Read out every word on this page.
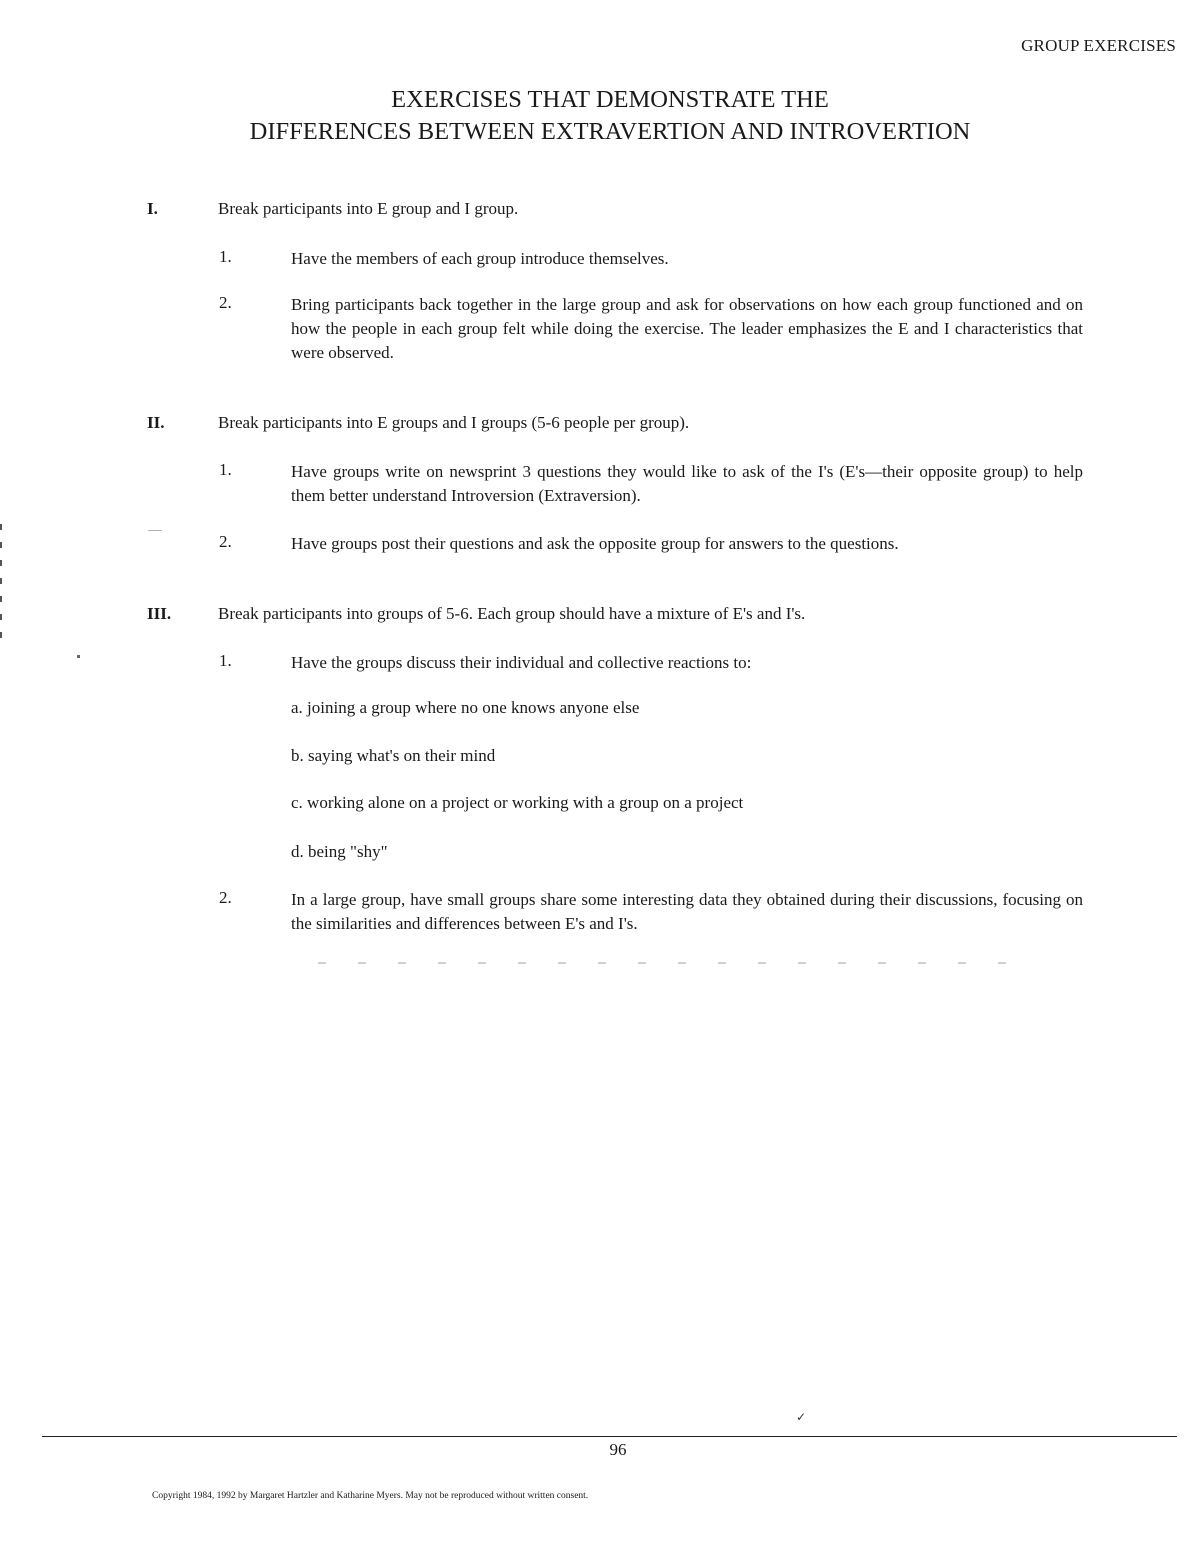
GROUP EXERCISES
EXERCISES THAT DEMONSTRATE THE
DIFFERENCES BETWEEN EXTRAVERTION AND INTROVERTION
I.	Break participants into E group and I group.
1.	Have the members of each group introduce themselves.
2.	Bring participants back together in the large group and ask for observations on how each group functioned and on how the people in each group felt while doing the exercise. The leader emphasizes the E and I characteristics that were observed.
II.	Break participants into E groups and I groups (5-6 people per group).
1.	Have groups write on newsprint 3 questions they would like to ask of the I's (E's—their opposite group) to help them better understand Introversion (Extraversion).
2.	Have groups post their questions and ask the opposite group for answers to the questions.
III.	Break participants into groups of 5-6. Each group should have a mixture of E's and I's.
1.	Have the groups discuss their individual and collective reactions to:
a. joining a group where no one knows anyone else
b. saying what's on their mind
c. working alone on a project or working with a group on a project
d. being "shy"
2.	In a large group, have small groups share some interesting data they obtained during their discussions, focusing on the similarities and differences between E's and I's.
✓
96
Copyright 1984, 1992 by Margaret Hartzler and Katharine Myers. May not be reproduced without written consent.
